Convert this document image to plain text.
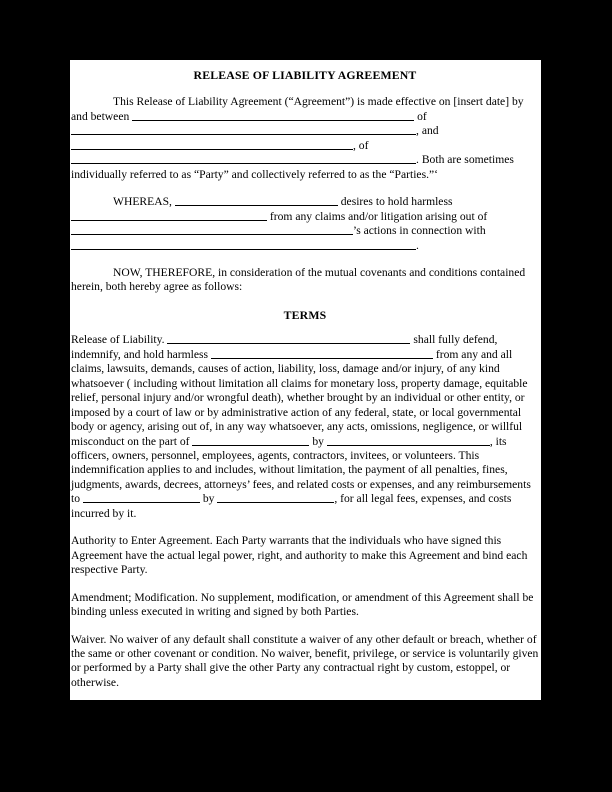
RELEASE OF LIABILITY AGREEMENT

This Release of Liability Agreement (“Agreement”) is made effective on [insert date] by and between	of , and , of . Both are sometimes individually referred to as “Party” and collectively referred to as the “Parties.”‘

WHEREAS,	desires to hold harmless  from any claims and/or litigation arising out of ’s actions in connection with .

NOW, THEREFORE, in consideration of the mutual covenants and conditions contained herein, both hereby agree as follows:

TERMS

Release of Liability.	shall fully defend, indemnify, and hold harmless	from any and all claims, lawsuits, demands, causes of action, liability, loss, damage and/or injury, of any kind whatsoever ( including without limitation all claims for monetary loss, property damage, equitable relief, personal injury and/or wrongful death), whether brought by an individual or other entity, or imposed by a court of law or by administrative action of any federal, state, or local governmental body or agency, arising out of, in any way whatsoever, any acts, omissions, negligence, or willful misconduct on the part of	by	, its officers, owners, personnel, employees, agents, contractors, invitees, or volunteers. This indemnification applies to and includes, without limitation, the payment of all penalties, fines, judgments, awards, decrees, attorneys’ fees, and related costs or expenses, and any reimbursements to	by	, for all legal fees, expenses, and costs incurred by it.

Authority to Enter Agreement. Each Party warrants that the individuals who have signed this Agreement have the actual legal power, right, and authority to make this Agreement and bind each respective Party.

Amendment; Modification. No supplement, modification, or amendment of this Agreement shall be binding unless executed in writing and signed by both Parties.

Waiver. No waiver of any default shall constitute a waiver of any other default or breach, whether of the same or other covenant or condition. No waiver, benefit, privilege, or service is voluntarily given or performed by a Party shall give the other Party any contractual right by custom, estoppel, or otherwise.
